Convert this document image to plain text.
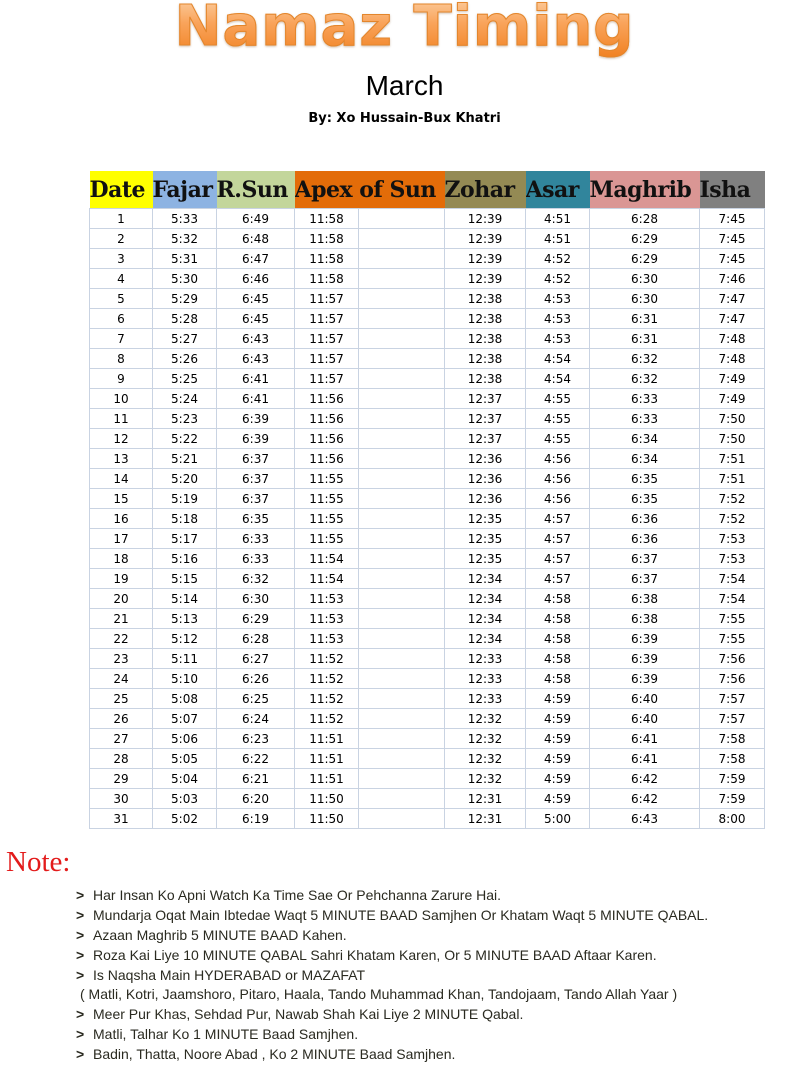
Namaz Timing
March
By: Xo Hussain-Bux Khatri
Date	Fajar	R.Sun	Apex of Sun		Zohar	Asar	Maghrib	Isha
1	5:33	6:49	11:58		12:39	4:51	6:28	7:45
2	5:32	6:48	11:58		12:39	4:51	6:29	7:45
3	5:31	6:47	11:58		12:39	4:52	6:29	7:45
4	5:30	6:46	11:58		12:39	4:52	6:30	7:46
5	5:29	6:45	11:57		12:38	4:53	6:30	7:47
6	5:28	6:45	11:57		12:38	4:53	6:31	7:47
7	5:27	6:43	11:57		12:38	4:53	6:31	7:48
8	5:26	6:43	11:57		12:38	4:54	6:32	7:48
9	5:25	6:41	11:57		12:38	4:54	6:32	7:49
10	5:24	6:41	11:56		12:37	4:55	6:33	7:49
11	5:23	6:39	11:56		12:37	4:55	6:33	7:50
12	5:22	6:39	11:56		12:37	4:55	6:34	7:50
13	5:21	6:37	11:56		12:36	4:56	6:34	7:51
14	5:20	6:37	11:55		12:36	4:56	6:35	7:51
15	5:19	6:37	11:55		12:36	4:56	6:35	7:52
16	5:18	6:35	11:55		12:35	4:57	6:36	7:52
17	5:17	6:33	11:55		12:35	4:57	6:36	7:53
18	5:16	6:33	11:54		12:35	4:57	6:37	7:53
19	5:15	6:32	11:54		12:34	4:57	6:37	7:54
20	5:14	6:30	11:53		12:34	4:58	6:38	7:54
21	5:13	6:29	11:53		12:34	4:58	6:38	7:55
22	5:12	6:28	11:53		12:34	4:58	6:39	7:55
23	5:11	6:27	11:52		12:33	4:58	6:39	7:56
24	5:10	6:26	11:52		12:33	4:58	6:39	7:56
25	5:08	6:25	11:52		12:33	4:59	6:40	7:57
26	5:07	6:24	11:52		12:32	4:59	6:40	7:57
27	5:06	6:23	11:51		12:32	4:59	6:41	7:58
28	5:05	6:22	11:51		12:32	4:59	6:41	7:58
29	5:04	6:21	11:51		12:32	4:59	6:42	7:59
30	5:03	6:20	11:50		12:31	4:59	6:42	7:59
31	5:02	6:19	11:50		12:31	5:00	6:43	8:00
Note:
> Har Insan Ko Apni Watch Ka Time Sae Or Pehchanna Zarure Hai.
> Mundarja Oqat Main Ibtedae Waqt 5 MINUTE BAAD Samjhen Or Khatam Waqt 5 MINUTE QABAL.
> Azaan Maghrib 5 MINUTE BAAD Kahen.
> Roza Kai Liye 10 MINUTE QABAL Sahri Khatam Karen, Or 5 MINUTE BAAD Aftaar Karen.
> Is Naqsha Main HYDERABAD or MAZAFAT
( Matli, Kotri, Jaamshoro, Pitaro, Haala, Tando Muhammad Khan, Tandojaam, Tando Allah Yaar )
> Meer Pur Khas, Sehdad Pur, Nawab Shah Kai Liye 2 MINUTE Qabal.
> Matli, Talhar Ko 1 MINUTE Baad Samjhen.
> Badin, Thatta, Noore Abad , Ko 2 MINUTE Baad Samjhen.
